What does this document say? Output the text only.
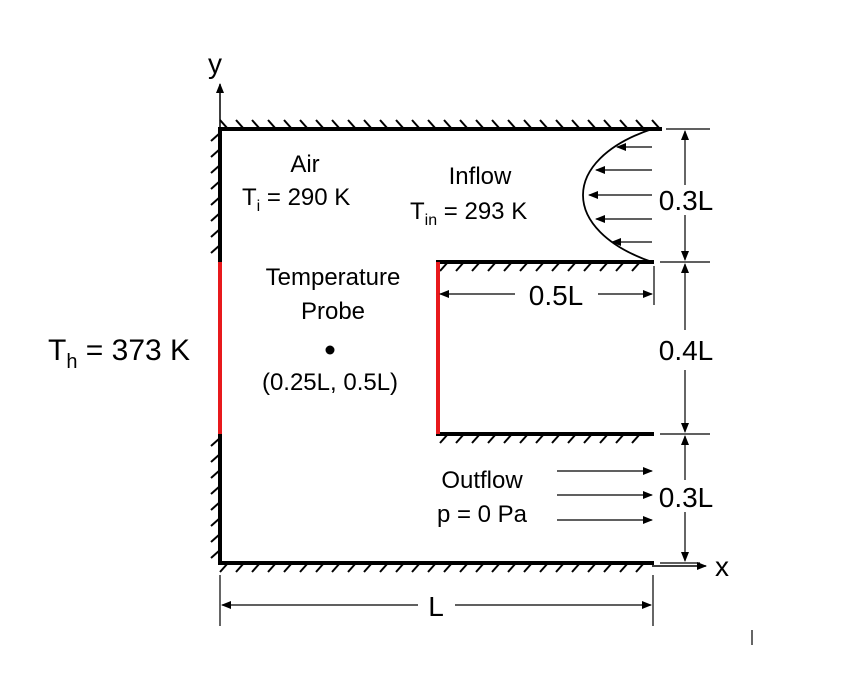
y
x
Air
$T_i = 290$ K
Inflow
$T_{in} = 293$ K
Temperature
Probe
(0.25L, 0.5L)
$T_h = 373$ K
Outflow
p = 0 Pa
0.3L
0.4L
0.3L
0.5L
L
